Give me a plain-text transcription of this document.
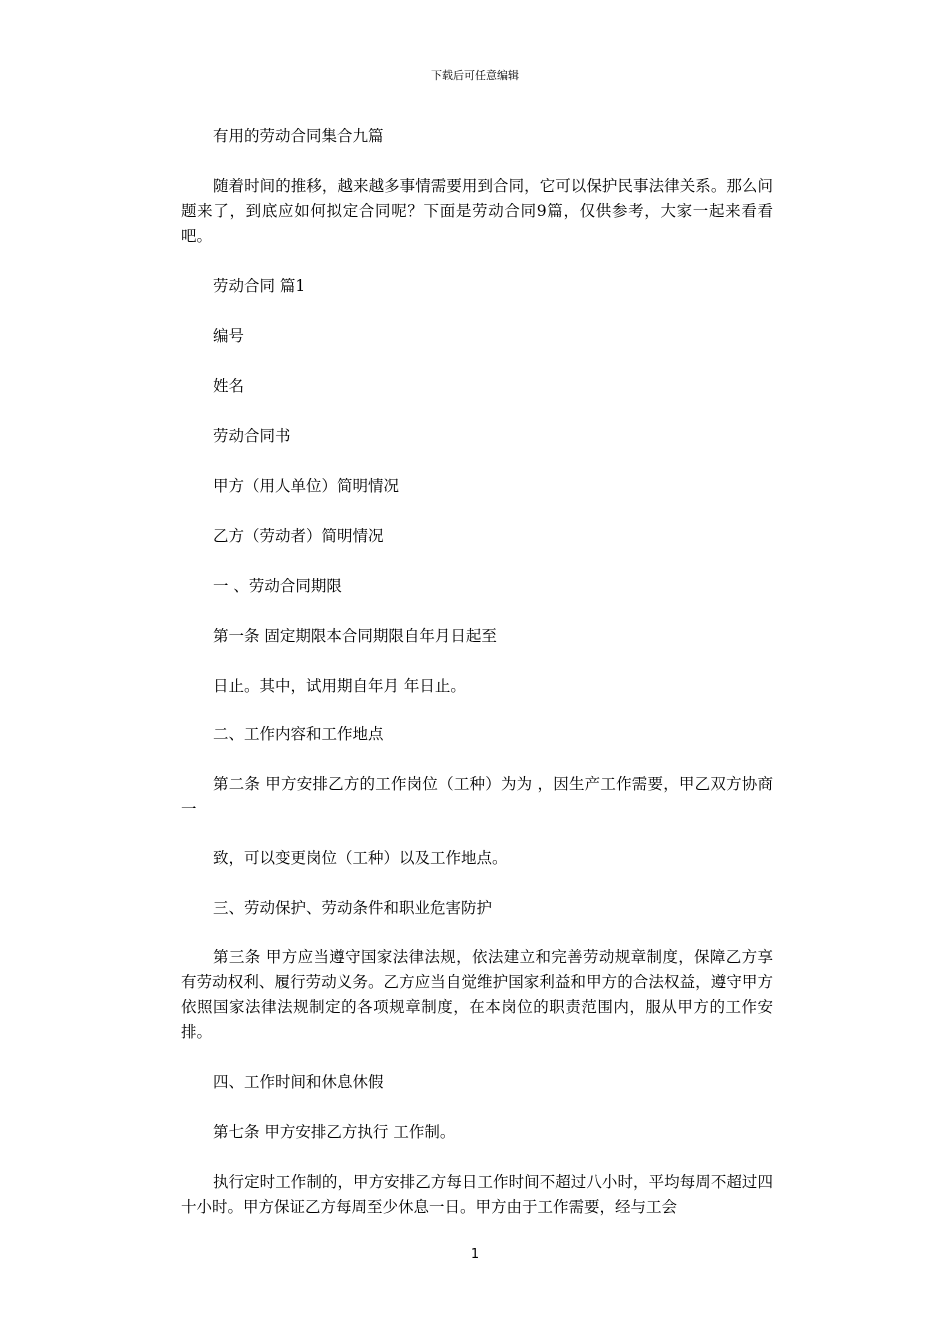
下载后可任意编辑

有用的劳动合同集合九篇

随着时间的推移，越来越多事情需要用到合同，它可以保护民事法律关系。那么问题来了，到底应如何拟定合同呢？下面是劳动合同9篇，仅供参考，大家一起来看看吧。

劳动合同 篇1

编号

姓名

劳动合同书

甲方（用人单位）简明情况

乙方（劳动者）简明情况

一 、劳动合同期限

第一条 固定期限本合同期限自年月日起至

日止。其中，试用期自年月 年日止。

二、工作内容和工作地点

第二条 甲方安排乙方的工作岗位（工种）为为 ，因生产工作需要，甲乙双方协商一

致，可以变更岗位（工种）以及工作地点。

三、劳动保护、劳动条件和职业危害防护

第三条 甲方应当遵守国家法律法规，依法建立和完善劳动规章制度，保障乙方享有劳动权利、履行劳动义务。乙方应当自觉维护国家利益和甲方的合法权益，遵守甲方依照国家法律法规制定的各项规章制度，在本岗位的职责范围内，服从甲方的工作安排。

四、工作时间和休息休假

第七条 甲方安排乙方执行 工作制。

执行定时工作制的，甲方安排乙方每日工作时间不超过八小时，平均每周不超过四十小时。甲方保证乙方每周至少休息一日。甲方由于工作需要，经与工会

1
